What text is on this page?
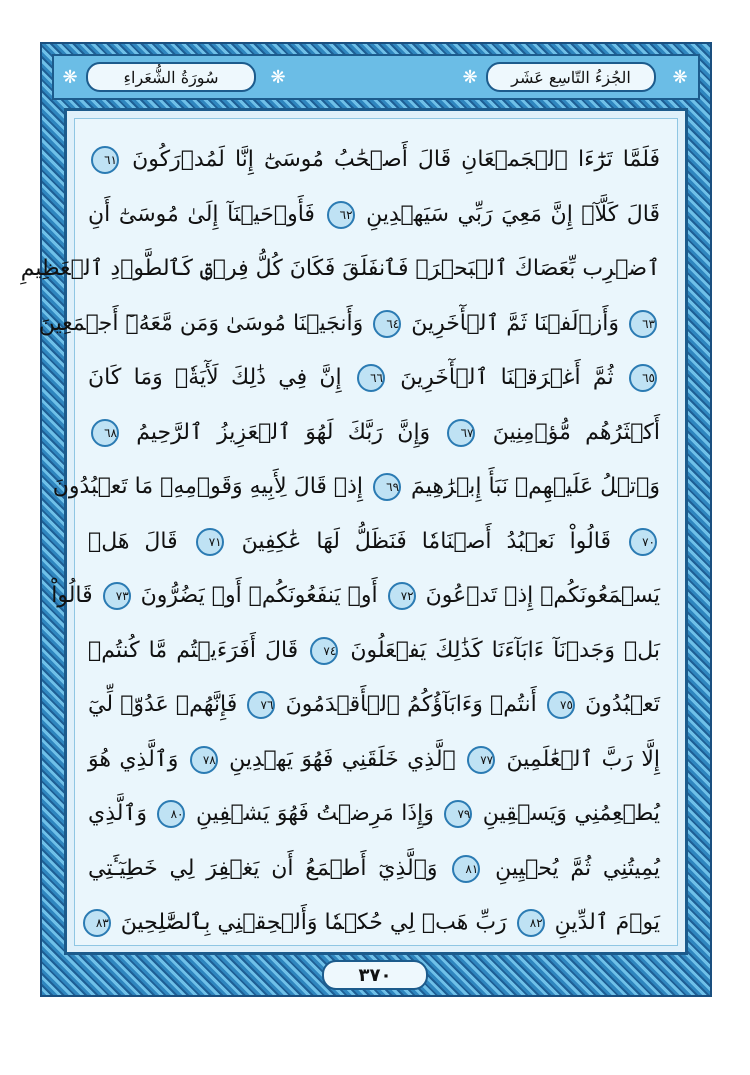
الجُزءُ التّاسِع عَشَر
سُورَةُ الشُّعَراءِ
❋	❋	❋	❋
فَلَمَّا تَرَٰٓءَا ٱلۡجَمۡعَانِ قَالَ أَصۡحَٰبُ مُوسَىٰٓ إِنَّا لَمُدۡرَكُونَ ٦١
قَالَ كَلَّآۖ إِنَّ مَعِيَ رَبِّي سَيَهۡدِينِ ٦٢ فَأَوۡحَيۡنَآ إِلَىٰ مُوسَىٰٓ أَنِ
ٱضۡرِب بِّعَصَاكَ ٱلۡبَحۡرَۖ فَٱنفَلَقَ فَكَانَ كُلُّ فِرۡقٖ كَٱلطَّوۡدِ ٱلۡعَظِيمِ
٦٣ وَأَزۡلَفۡنَا ثَمَّ ٱلۡأٓخَرِينَ ٦٤ وَأَنجَيۡنَا مُوسَىٰ وَمَن مَّعَهُۥٓ أَجۡمَعِينَ
٦٥ ثُمَّ أَغۡرَقۡنَا ٱلۡأٓخَرِينَ ٦٦ إِنَّ فِي ذَٰلِكَ لَأٓيَةٗۖ وَمَا كَانَ
أَكۡثَرُهُم مُّؤۡمِنِينَ ٦٧ وَإِنَّ رَبَّكَ لَهُوَ ٱلۡعَزِيزُ ٱلرَّحِيمُ ٦٨
وَٱتۡلُ عَلَيۡهِمۡ نَبَأَ إِبۡرَٰهِيمَ ٦٩ إِذۡ قَالَ لِأَبِيهِ وَقَوۡمِهِۦ مَا تَعۡبُدُونَ
٧٠ قَالُواْ نَعۡبُدُ أَصۡنَامٗا فَنَظَلُّ لَهَا عَٰكِفِينَ ٧١ قَالَ هَلۡ
يَسۡمَعُونَكُمۡ إِذۡ تَدۡعُونَ ٧٢ أَوۡ يَنفَعُونَكُمۡ أَوۡ يَضُرُّونَ ٧٣ قَالُواْ
بَلۡ وَجَدۡنَآ ءَابَآءَنَا كَذَٰلِكَ يَفۡعَلُونَ ٧٤ قَالَ أَفَرَءَيۡتُم مَّا كُنتُمۡ
تَعۡبُدُونَ ٧٥ أَنتُمۡ وَءَابَآؤُكُمُ ٱلۡأَقۡدَمُونَ ٧٦ فَإِنَّهُمۡ عَدُوّٞ لِّيٓ
إِلَّا رَبَّ ٱلۡعَٰلَمِينَ ٧٧ ٱلَّذِي خَلَقَنِي فَهُوَ يَهۡدِينِ ٧٨ وَٱلَّذِي هُوَ
يُطۡعِمُنِي وَيَسۡقِينِ ٧٩ وَإِذَا مَرِضۡتُ فَهُوَ يَشۡفِينِ ٨٠ وَٱلَّذِي
يُمِيتُنِي ثُمَّ يُحۡيِينِ ٨١ وَٱلَّذِيٓ أَطۡمَعُ أَن يَغۡفِرَ لِي خَطِيٓـَٔتِي
يَوۡمَ ٱلدِّينِ ٨٢ رَبِّ هَبۡ لِي حُكۡمٗا وَأَلۡحِقۡنِي بِٱلصَّٰلِحِينَ ٨٣
٣٧٠
